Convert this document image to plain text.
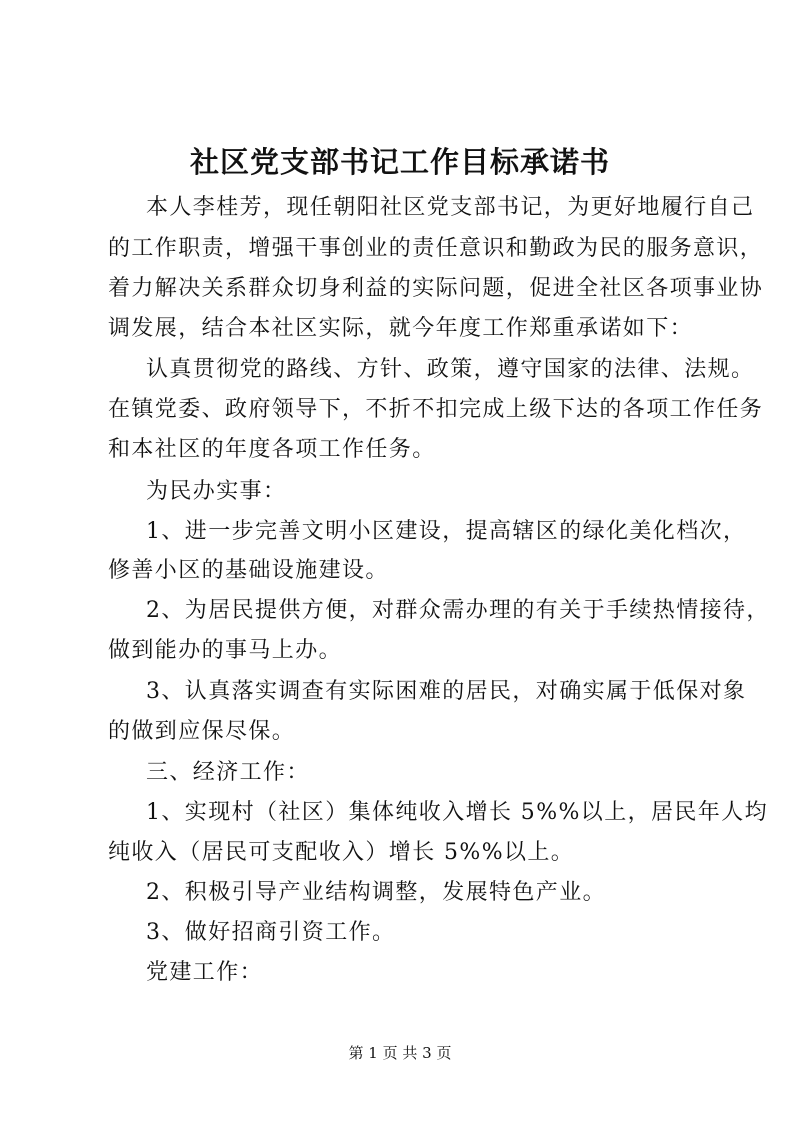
社区党支部书记工作目标承诺书
本人李桂芳，现任朝阳社区党支部书记，为更好地履行自己
的工作职责，增强干事创业的责任意识和勤政为民的服务意识，
着力解决关系群众切身利益的实际问题，促进全社区各项事业协
调发展，结合本社区实际，就今年度工作郑重承诺如下：
认真贯彻党的路线、方针、政策，遵守国家的法律、法规。
在镇党委、政府领导下，不折不扣完成上级下达的各项工作任务
和本社区的年度各项工作任务。
为民办实事：
1、进一步完善文明小区建设，提高辖区的绿化美化档次，
修善小区的基础设施建设。
2、为居民提供方便，对群众需办理的有关于手续热情接待，
做到能办的事马上办。
3、认真落实调查有实际困难的居民，对确实属于低保对象
的做到应保尽保。
三、经济工作：
1、实现村（社区）集体纯收入增长 5%%以上，居民年人均
纯收入（居民可支配收入）增长 5%%以上。
2、积极引导产业结构调整，发展特色产业。
3、做好招商引资工作。
党建工作：
第 1 页 共 3 页
